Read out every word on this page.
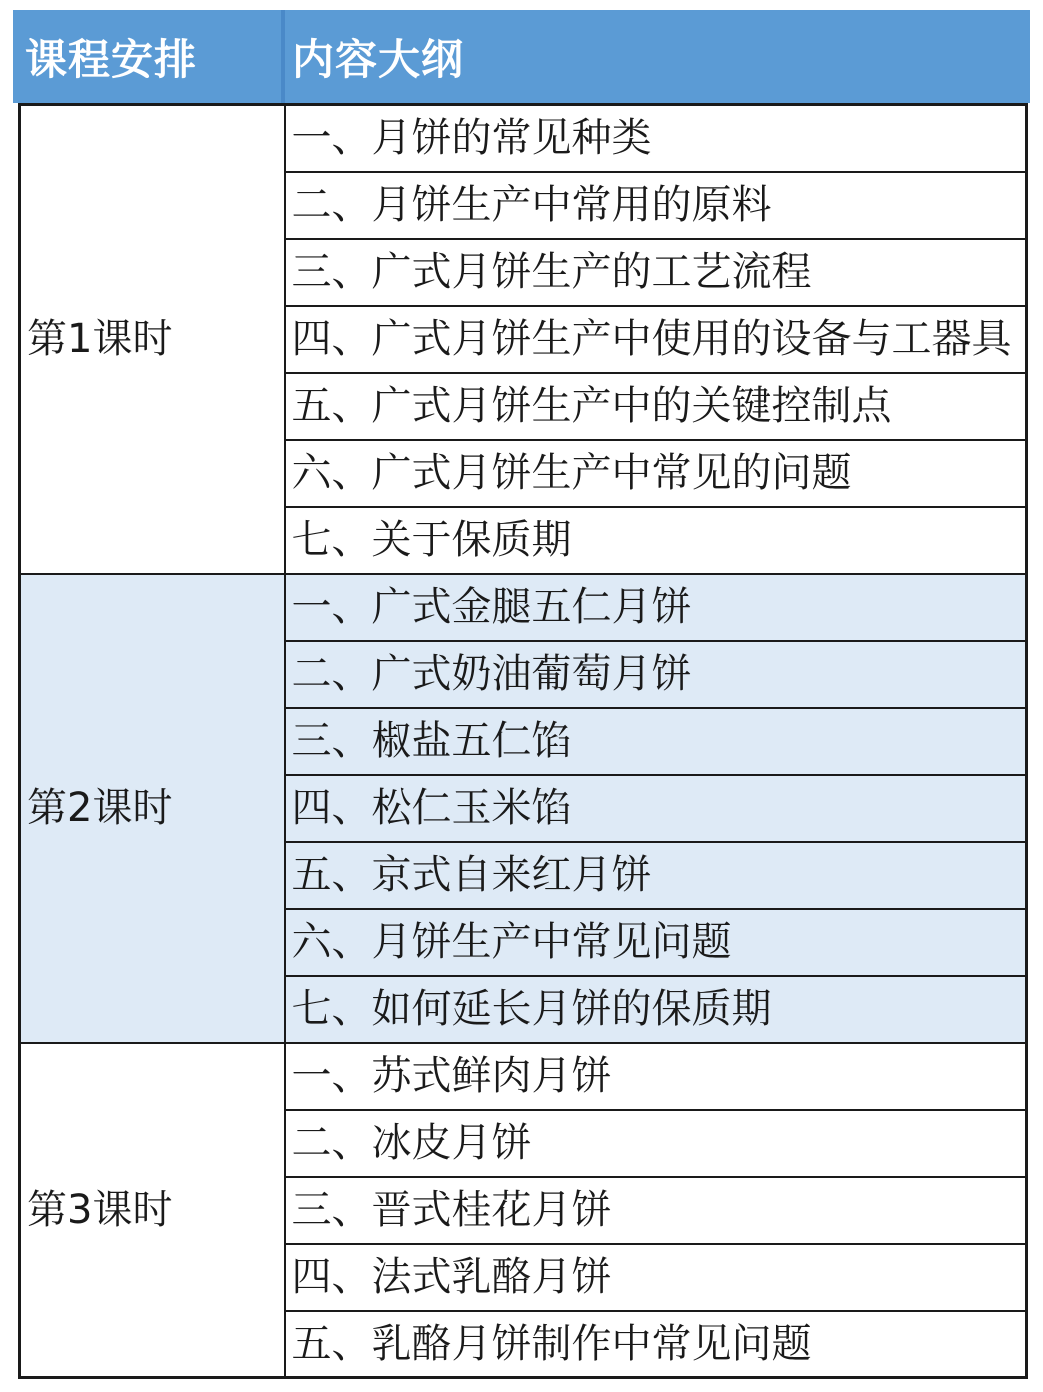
课程安排	内容大纲
第1课时	一、月饼的常见种类
	二、月饼生产中常用的原料
	三、广式月饼生产的工艺流程
	四、广式月饼生产中使用的设备与工器具
	五、广式月饼生产中的关键控制点
	六、广式月饼生产中常见的问题
	七、关于保质期
第2课时	一、广式金腿五仁月饼
	二、广式奶油葡萄月饼
	三、椒盐五仁馅
	四、松仁玉米馅
	五、京式自来红月饼
	六、月饼生产中常见问题
	七、如何延长月饼的保质期
第3课时	一、苏式鲜肉月饼
	二、冰皮月饼
	三、晋式桂花月饼
	四、法式乳酪月饼
	五、乳酪月饼制作中常见问题
